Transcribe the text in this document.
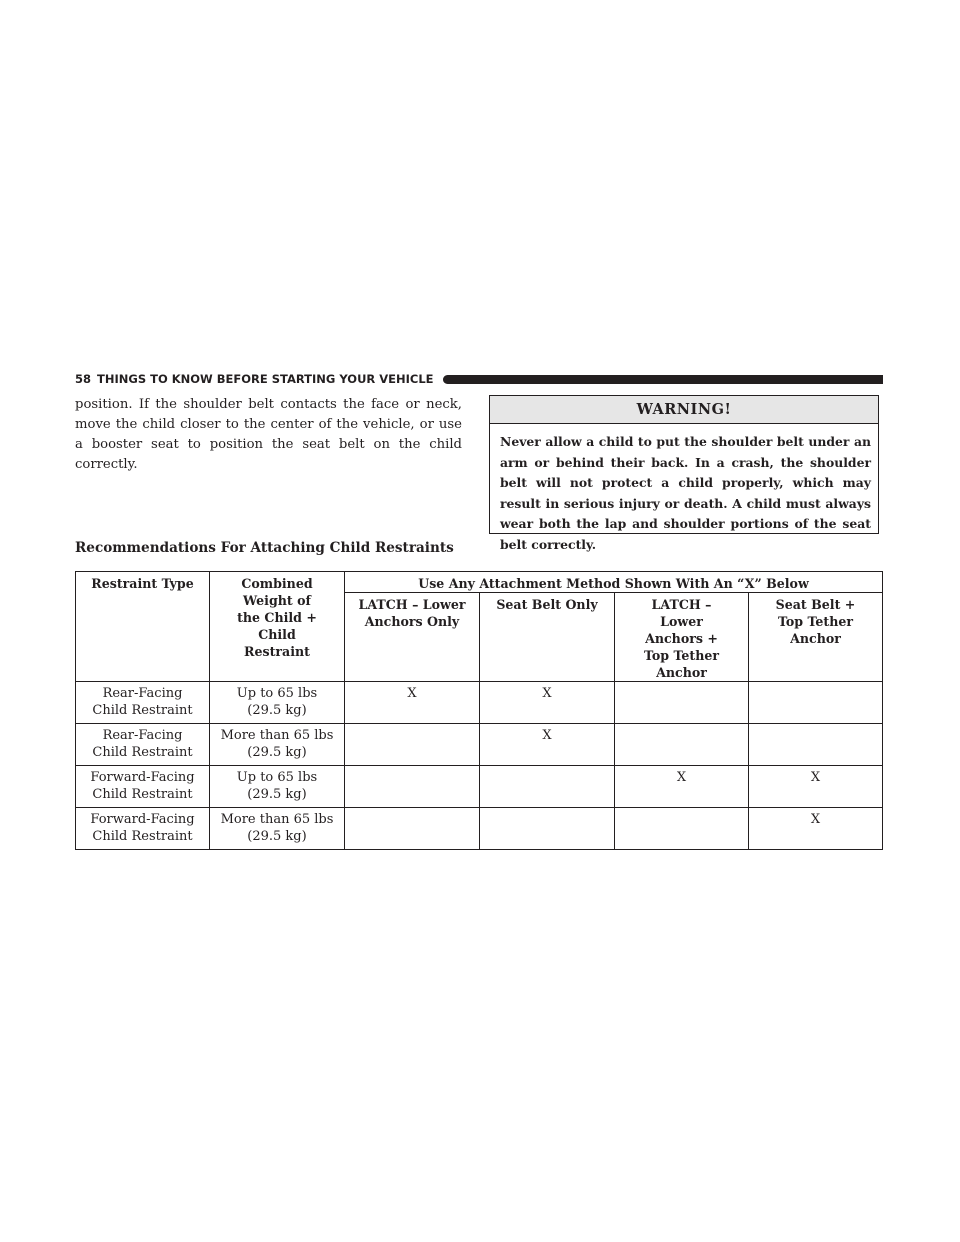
58 THINGS TO KNOW BEFORE STARTING YOUR VEHICLE

position. If the shoulder belt contacts the face or neck, move the child closer to the center of the vehicle, or use a booster seat to position the seat belt on the child correctly.

WARNING!

Never allow a child to put the shoulder belt under an arm or behind their back. In a crash, the shoulder belt will not protect a child properly, which may result in serious injury or death. A child must always wear both the lap and shoulder portions of the seat belt correctly.

Recommendations For Attaching Child Restraints
Restraint Type	Combined Weight of the Child + Child Restraint	Use Any Attachment Method Shown With An “X” Below			
		LATCH – Lower Anchors Only	Seat Belt Only	LATCH – Lower Anchors + Top Tether Anchor	Seat Belt + Top Tether Anchor

Rear-Facing Child Restraint	Up to 65 lbs (29.5 kg)	X	X		

Rear-Facing Child Restraint	More than 65 lbs (29.5 kg)		X		

Forward-Facing Child Restraint	Up to 65 lbs (29.5 kg)			X	X

Forward-Facing Child Restraint	More than 65 lbs (29.5 kg)				X
